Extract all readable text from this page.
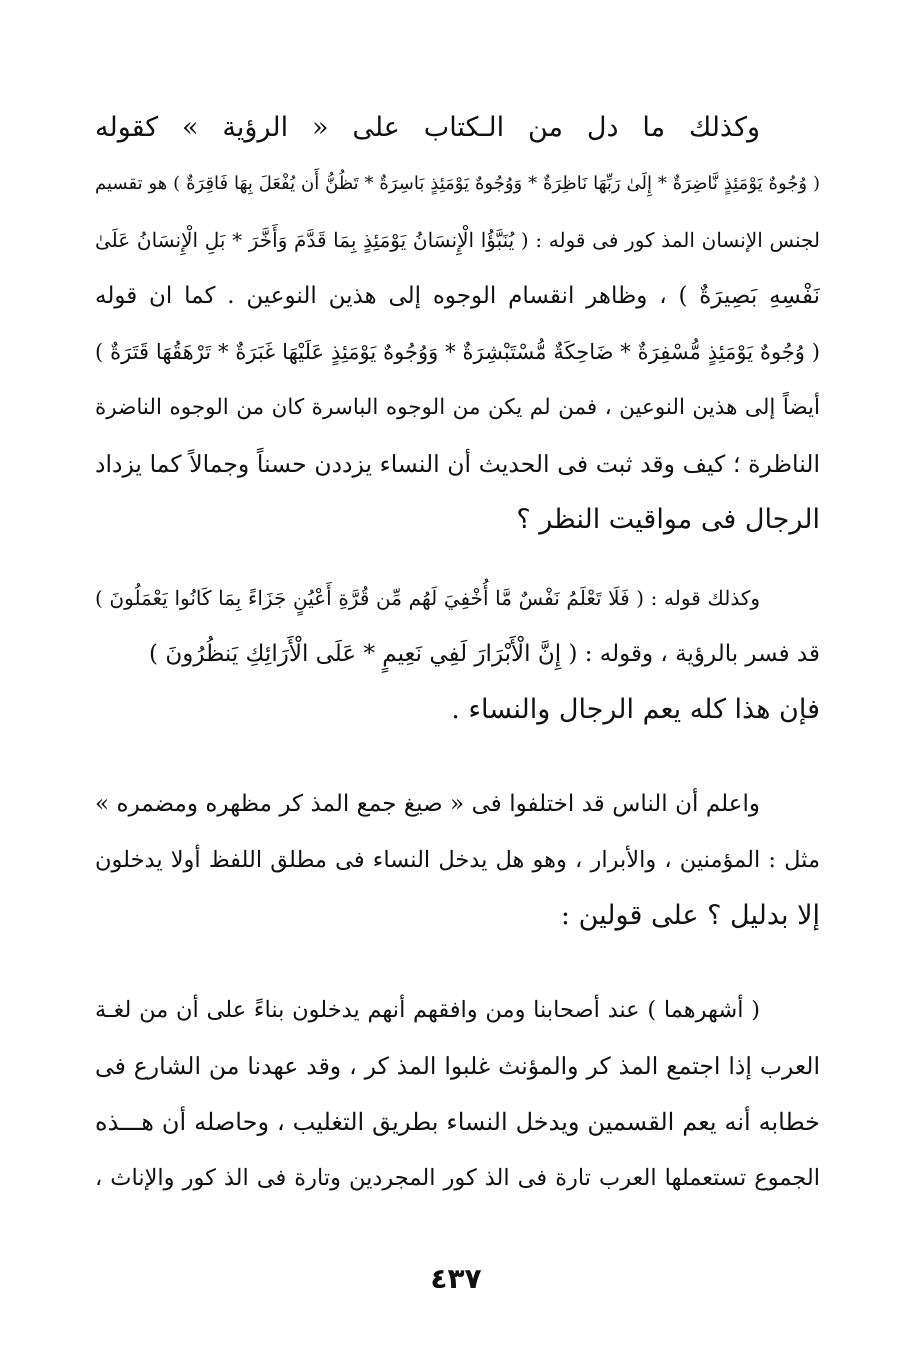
وكذلك ما دل من الـكتاب على « الرؤية » كقوله
( وُجُوهٌ يَوْمَئِذٍ نَّاضِرَةٌ * إِلَىٰ رَبِّهَا نَاظِرَةٌ * وَوُجُوهٌ يَوْمَئِذٍ بَاسِرَةٌ * تَظُنُّ أَن يُفْعَلَ بِهَا فَاقِرَةٌ ) هو تقسيم
لجنس الإنسان المذ كور فى قوله : ( يُنَبَّؤُا الْإِنسَانُ يَوْمَئِذٍ بِمَا قَدَّمَ وَأَخَّرَ * بَلِ الْإِنسَانُ عَلَىٰ
نَفْسِهِ بَصِيرَةٌ ) ، وظاهر انقسام الوجوه إلى هذين النوعين . كما ان قوله
( وُجُوهٌ يَوْمَئِذٍ مُّسْفِرَةٌ * ضَاحِكَةٌ مُّسْتَبْشِرَةٌ * وَوُجُوهٌ يَوْمَئِذٍ عَلَيْهَا غَبَرَةٌ * تَرْهَقُهَا قَتَرَةٌ )
أيضاً إلى هذين النوعين ، فمن لم يكن من الوجوه الباسرة كان من الوجوه الناضرة
الناظرة ؛ كيف وقد ثبت فى الحديث أن النساء يزددن حسناً وجمالاً كما يزداد
الرجال فى مواقيت النظر ؟
وكذلك قوله : ( فَلَا تَعْلَمُ نَفْسٌ مَّا أُخْفِيَ لَهُم مِّن قُرَّةِ أَعْيُنٍ جَزَاءً بِمَا كَانُوا يَعْمَلُونَ )
قد فسر بالرؤية ، وقوله : ( إِنَّ الْأَبْرَارَ لَفِي نَعِيمٍ * عَلَى الْأَرَائِكِ يَنظُرُونَ )
فإن هذا كله يعم الرجال والنساء .
واعلم أن الناس قد اختلفوا فى « صيغ جمع المذ كر مظهره ومضمره »
مثل : المؤمنين ، والأبرار ، وهو هل يدخل النساء فى مطلق اللفظ أولا يدخلون
إلا بدليل ؟ على قولين :
( أشهرهما ) عند أصحابنا ومن وافقهم أنهم يدخلون بناءً على أن من لغـة
العرب إذا اجتمع المذ كر والمؤنث غلبوا المذ كر ، وقد عهدنا من الشارع فى
خطابه أنه يعم القسمين ويدخل النساء بطريق التغليب ، وحاصله أن هـــذه
الجموع تستعملها العرب تارة فى الذ كور المجردين وتارة فى الذ كور والإناث ،
٤٣٧
